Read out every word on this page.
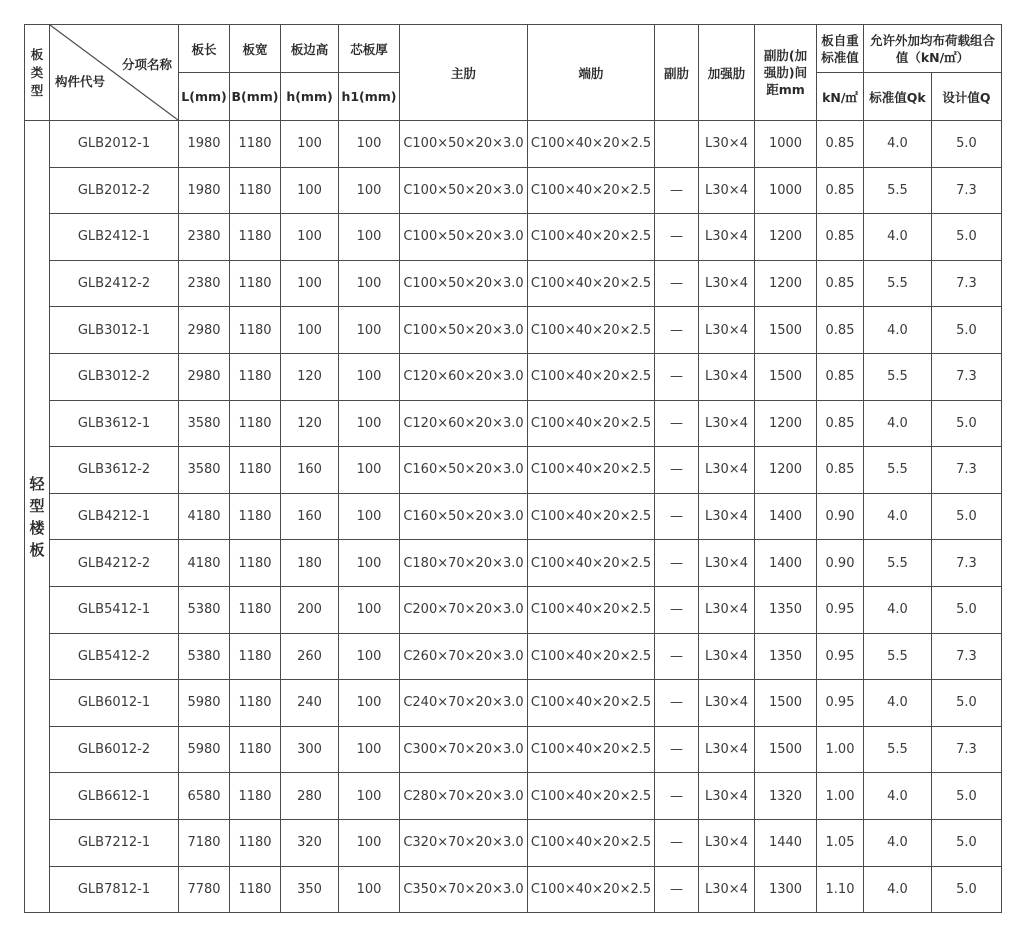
板类型	分项名称
构件代号	板长	板宽	板边高	芯板厚	主肋	端肋	副肋	加强肋	副肋(加强肋)间距mm	板自重标准值	允许外加均布荷载组合值（kN/㎡）	
		L(mm)	B(mm)	h(mm)	h1(mm)						kN/㎡	标准值Qk	设计值Q

轻型楼板	GLB2012-1	1980	1180	100	100	C100×50×20×3.0	C100×40×20×2.5		L30×4	1000	0.85	4.0	5.0
	GLB2012-2	1980	1180	100	100	C100×50×20×3.0	C100×40×20×2.5	—	L30×4	1000	0.85	5.5	7.3
	GLB2412-1	2380	1180	100	100	C100×50×20×3.0	C100×40×20×2.5	—	L30×4	1200	0.85	4.0	5.0
	GLB2412-2	2380	1180	100	100	C100×50×20×3.0	C100×40×20×2.5	—	L30×4	1200	0.85	5.5	7.3
	GLB3012-1	2980	1180	100	100	C100×50×20×3.0	C100×40×20×2.5	—	L30×4	1500	0.85	4.0	5.0
	GLB3012-2	2980	1180	120	100	C120×60×20×3.0	C100×40×20×2.5	—	L30×4	1500	0.85	5.5	7.3
	GLB3612-1	3580	1180	120	100	C120×60×20×3.0	C100×40×20×2.5	—	L30×4	1200	0.85	4.0	5.0
	GLB3612-2	3580	1180	160	100	C160×50×20×3.0	C100×40×20×2.5	—	L30×4	1200	0.85	5.5	7.3
	GLB4212-1	4180	1180	160	100	C160×50×20×3.0	C100×40×20×2.5	—	L30×4	1400	0.90	4.0	5.0
	GLB4212-2	4180	1180	180	100	C180×70×20×3.0	C100×40×20×2.5	—	L30×4	1400	0.90	5.5	7.3
	GLB5412-1	5380	1180	200	100	C200×70×20×3.0	C100×40×20×2.5	—	L30×4	1350	0.95	4.0	5.0
	GLB5412-2	5380	1180	260	100	C260×70×20×3.0	C100×40×20×2.5	—	L30×4	1350	0.95	5.5	7.3
	GLB6012-1	5980	1180	240	100	C240×70×20×3.0	C100×40×20×2.5	—	L30×4	1500	0.95	4.0	5.0
	GLB6012-2	5980	1180	300	100	C300×70×20×3.0	C100×40×20×2.5	—	L30×4	1500	1.00	5.5	7.3
	GLB6612-1	6580	1180	280	100	C280×70×20×3.0	C100×40×20×2.5	—	L30×4	1320	1.00	4.0	5.0
	GLB7212-1	7180	1180	320	100	C320×70×20×3.0	C100×40×20×2.5	—	L30×4	1440	1.05	4.0	5.0
	GLB7812-1	7780	1180	350	100	C350×70×20×3.0	C100×40×20×2.5	—	L30×4	1300	1.10	4.0	5.0
